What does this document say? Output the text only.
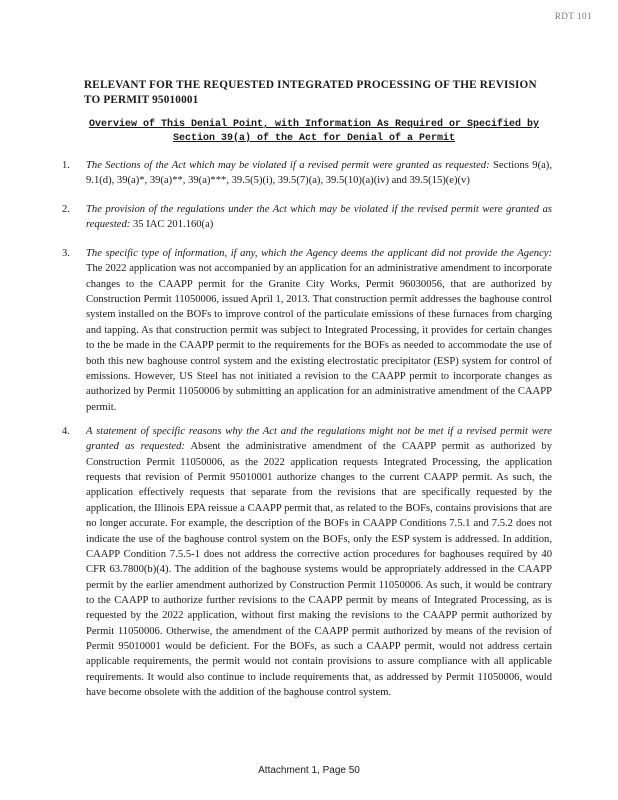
RDT 101
RELEVANT FOR THE REQUESTED INTEGRATED PROCESSING OF THE REVISION TO PERMIT 95010001
Overview of This Denial Point, with Information As Required or Specified by Section 39(a) of the Act for Denial of a Permit
1.	The Sections of the Act which may be violated if a revised permit were granted as requested: Sections 9(a), 9.1(d), 39(a)*, 39(a)**, 39(a)***, 39.5(5)(i), 39.5(7)(a), 39.5(10)(a)(iv) and 39.5(15)(e)(v)
2.	The provision of the regulations under the Act which may be violated if the revised permit were granted as requested: 35 IAC 201.160(a)
3.	The specific type of information, if any, which the Agency deems the applicant did not provide the Agency: The 2022 application was not accompanied by an application for an administrative amendment to incorporate changes to the CAAPP permit for the Granite City Works, Permit 96030056, that are authorized by Construction Permit 11050006, issued April 1, 2013. That construction permit addresses the baghouse control system installed on the BOFs to improve control of the particulate emissions of these furnaces from charging and tapping. As that construction permit was subject to Integrated Processing, it provides for certain changes to the be made in the CAAPP permit to the requirements for the BOFs as needed to accommodate the use of both this new baghouse control system and the existing electrostatic precipitator (ESP) system for control of emissions. However, US Steel has not initiated a revision to the CAAPP permit to incorporate changes as authorized by Permit 11050006 by submitting an application for an administrative amendment of the CAAPP permit.
4.	A statement of specific reasons why the Act and the regulations might not be met if a revised permit were granted as requested: Absent the administrative amendment of the CAAPP permit as authorized by Construction Permit 11050006, as the 2022 application requests Integrated Processing, the application requests that revision of Permit 95010001 authorize changes to the current CAAPP permit. As such, the application effectively requests that separate from the revisions that are specifically requested by the application, the Illinois EPA reissue a CAAPP permit that, as related to the BOFs, contains provisions that are no longer accurate. For example, the description of the BOFs in CAAPP Conditions 7.5.1 and 7.5.2 does not indicate the use of the baghouse control system on the BOFs, only the ESP system is addressed. In addition, CAAPP Condition 7.5.5-1 does not address the corrective action procedures for baghouses required by 40 CFR 63.7800(b)(4). The addition of the baghouse systems would be appropriately addressed in the CAAPP permit by the earlier amendment authorized by Construction Permit 11050006. As such, it would be contrary to the CAAPP to authorize further revisions to the CAAPP permit by means of Integrated Processing, as is requested by the 2022 application, without first making the revisions to the CAAPP permit authorized by Permit 11050006. Otherwise, the amendment of the CAAPP permit authorized by means of the revision of Permit 95010001 would be deficient. For the BOFs, as such a CAAPP permit, would not address certain applicable requirements, the permit would not contain provisions to assure compliance with all applicable requirements. It would also continue to include requirements that, as addressed by Permit 11050006, would have become obsolete with the addition of the baghouse control system.
Attachment 1, Page 50
